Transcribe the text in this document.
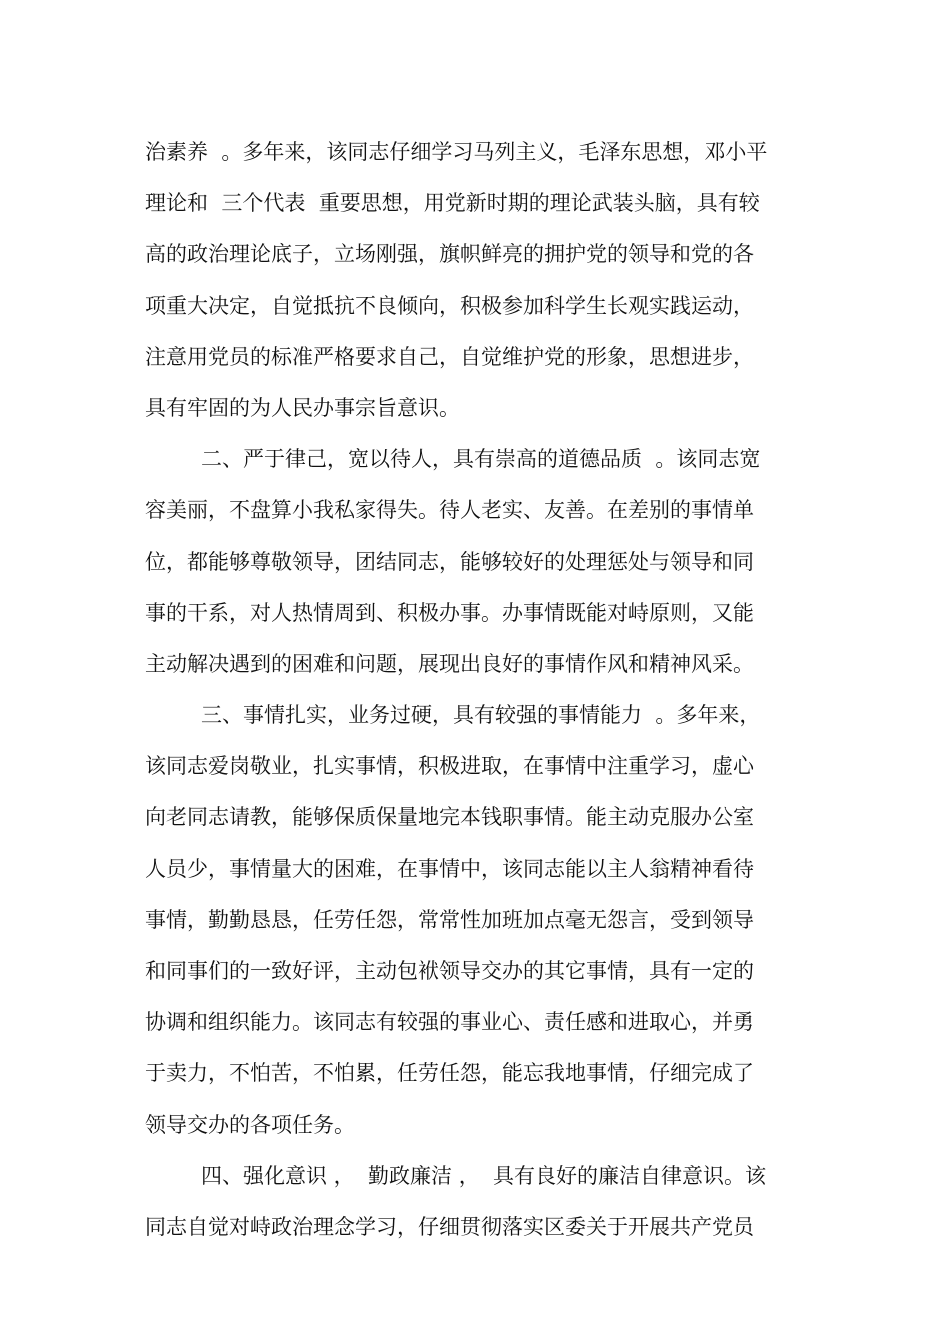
治素养  。多年来，该同志仔细学习马列主义，毛泽东思想，邓小平
理论和  三个代表  重要思想，用党新时期的理论武装头脑，具有较
高的政治理论底子，立场刚强，旗帜鲜亮的拥护党的领导和党的各
项重大决定，自觉抵抗不良倾向，积极参加科学生长观实践运动，
注意用党员的标准严格要求自己，自觉维护党的形象，思想进步，
具有牢固的为人民办事宗旨意识。
二、严于律己，宽以待人，具有崇高的道德品质  。该同志宽
容美丽，不盘算小我私家得失。待人老实、友善。在差别的事情单
位，都能够尊敬领导，团结同志，能够较好的处理惩处与领导和同
事的干系，对人热情周到、积极办事。办事情既能对峙原则，又能
主动解决遇到的困难和问题，展现出良好的事情作风和精神风采。
三、事情扎实，业务过硬，具有较强的事情能力  。多年来，
该同志爱岗敬业，扎实事情，积极进取，在事情中注重学习，虚心
向老同志请教，能够保质保量地完本钱职事情。能主动克服办公室
人员少，事情量大的困难，在事情中，该同志能以主人翁精神看待
事情，勤勤恳恳，任劳任怨，常常性加班加点毫无怨言，受到领导
和同事们的一致好评，主动包袱领导交办的其它事情，具有一定的
协调和组织能力。该同志有较强的事业心、责任感和进取心，并勇
于卖力，不怕苦，不怕累，任劳任怨，能忘我地事情，仔细完成了
领导交办的各项任务。
四、强化意识 ，  勤政廉洁 ，  具有良好的廉洁自律意识。该
同志自觉对峙政治理念学习，仔细贯彻落实区委关于开展共产党员
